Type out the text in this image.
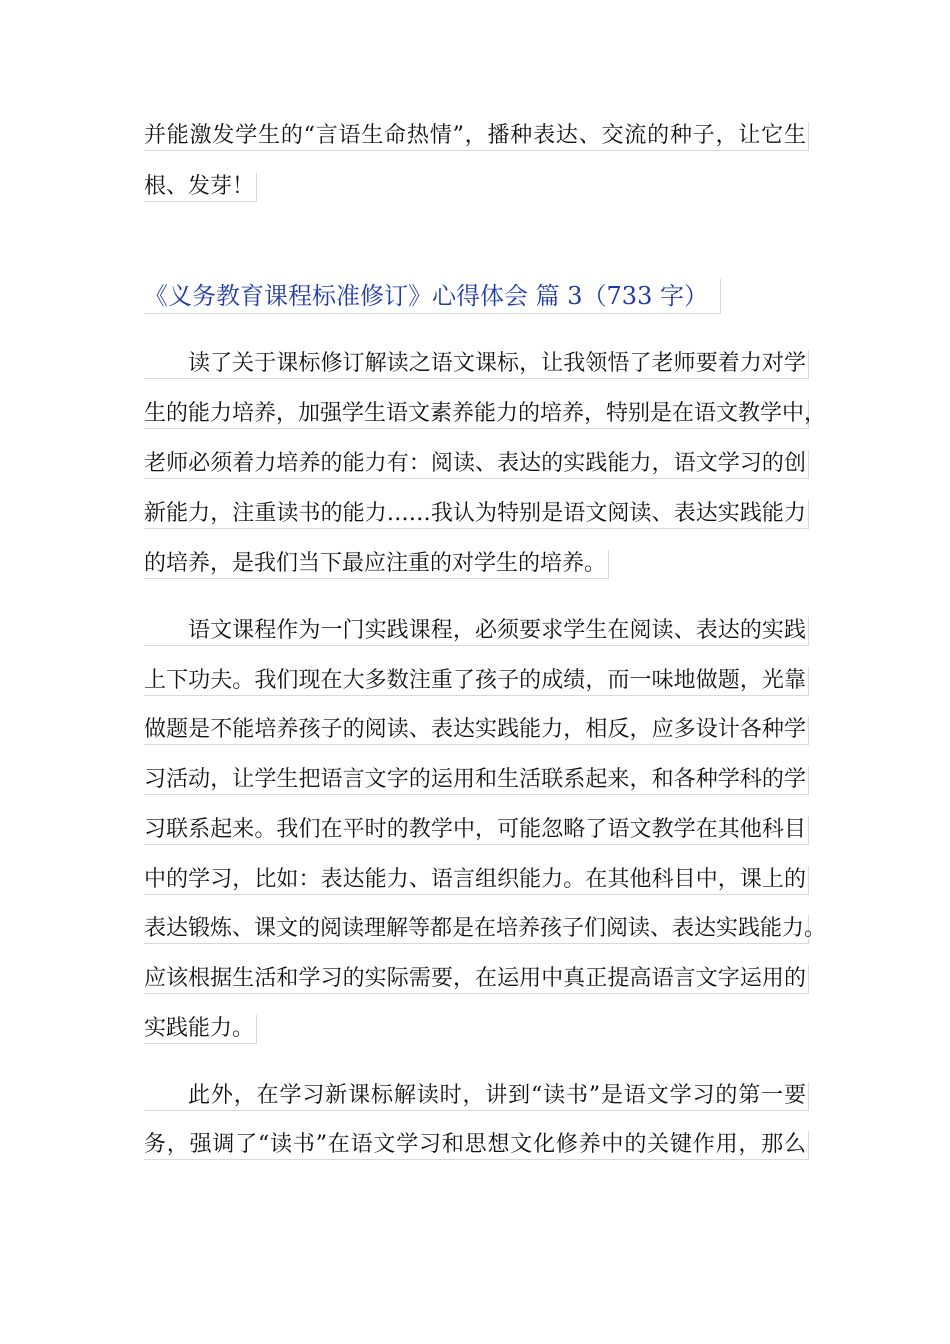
并能激发学生的“言语生命热情”，播种表达、交流的种子，让它生
根、发芽！
《义务教育课程标准修订》心得体会 篇 3（733 字）
读了关于课标修订解读之语文课标，让我领悟了老师要着力对学
生的能力培养，加强学生语文素养能力的培养，特别是在语文教学中，
老师必须着力培养的能力有：阅读、表达的实践能力，语文学习的创
新能力，注重读书的能力……我认为特别是语文阅读、表达实践能力
的培养，是我们当下最应注重的对学生的培养。
语文课程作为一门实践课程，必须要求学生在阅读、表达的实践
上下功夫。我们现在大多数注重了孩子的成绩，而一味地做题，光靠
做题是不能培养孩子的阅读、表达实践能力，相反，应多设计各种学
习活动，让学生把语言文字的运用和生活联系起来，和各种学科的学
习联系起来。我们在平时的教学中，可能忽略了语文教学在其他科目
中的学习，比如：表达能力、语言组织能力。在其他科目中，课上的
表达锻炼、课文的阅读理解等都是在培养孩子们阅读、表达实践能力。
应该根据生活和学习的实际需要，在运用中真正提高语言文字运用的
实践能力。
此外，在学习新课标解读时，讲到“读书”是语文学习的第一要
务，强调了“读书”在语文学习和思想文化修养中的关键作用，那么
